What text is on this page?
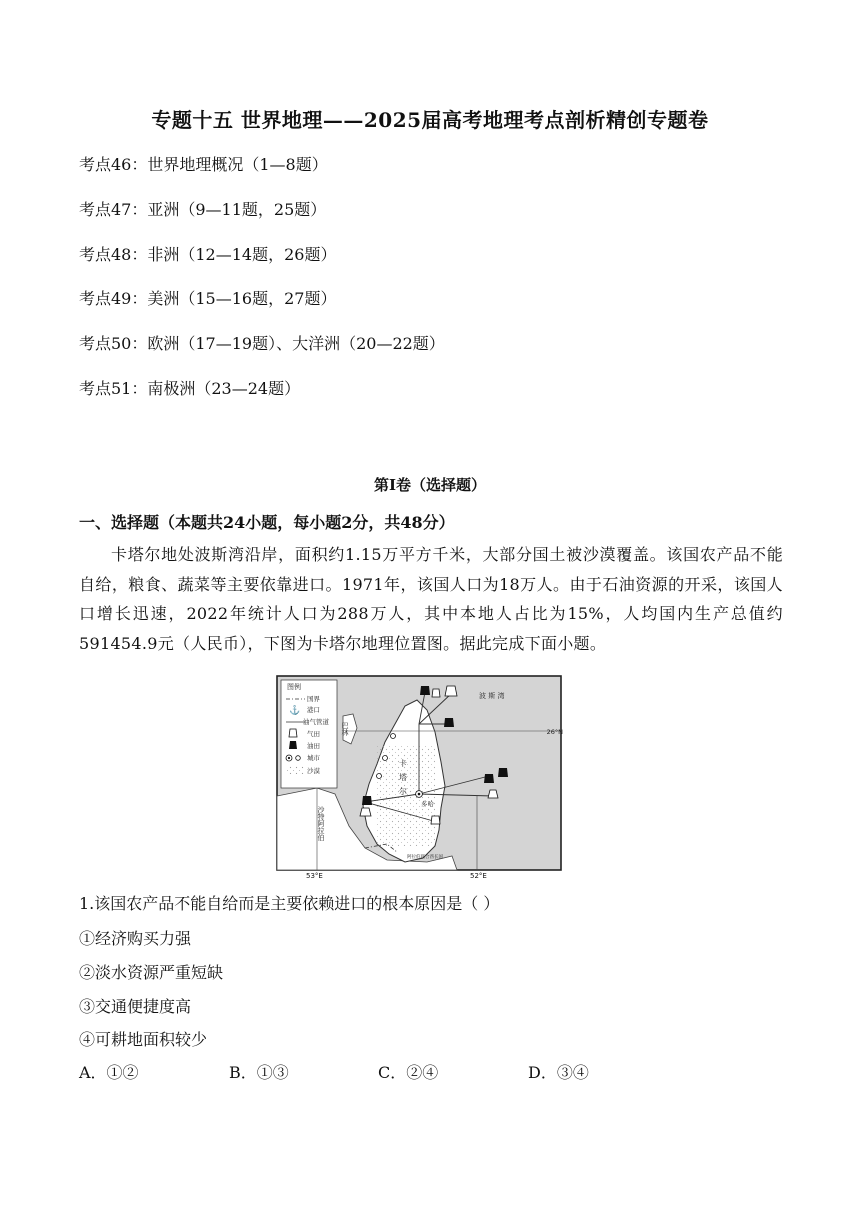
专题十五 世界地理——2025届高考地理考点剖析精创专题卷
考点46：世界地理概况（1—8题）
考点47：亚洲（9—11题，25题）
考点48：非洲（12—14题，26题）
考点49：美洲（15—16题，27题）
考点50：欧洲（17—19题）、大洋洲（20—22题）
考点51：南极洲（23—24题）
第I卷（选择题）
一、选择题（本题共24小题，每小题2分，共48分）
卡塔尔地处波斯湾沿岸，面积约1.15万平方千米，大部分国土被沙漠覆盖。该国农产品不能自给，粮食、蔬菜等主要依靠进口。1971年，该国人口为18万人。由于石油资源的开采，该国人口增长迅速，2022年统计人口为288万人，其中本地人占比为15%，人均国内生产总值约591454.9元（人民币），下图为卡塔尔地理位置图。据此完成下面小题。
图例
国界
⚓ 港口
油气管道
气田
油田
城市
沙漠
波 斯 湾
巴林
卡
塔
尔
多哈
沙特阿拉伯
阿拉伯联合酋长国
26°N
53°E	52°E
1.该国农产品不能自给而是主要依赖进口的根本原因是（ ）
①经济购买力强
②淡水资源严重短缺
③交通便捷度高
④可耕地面积较少
A．①②	B．①③	C．②④	D．③④
